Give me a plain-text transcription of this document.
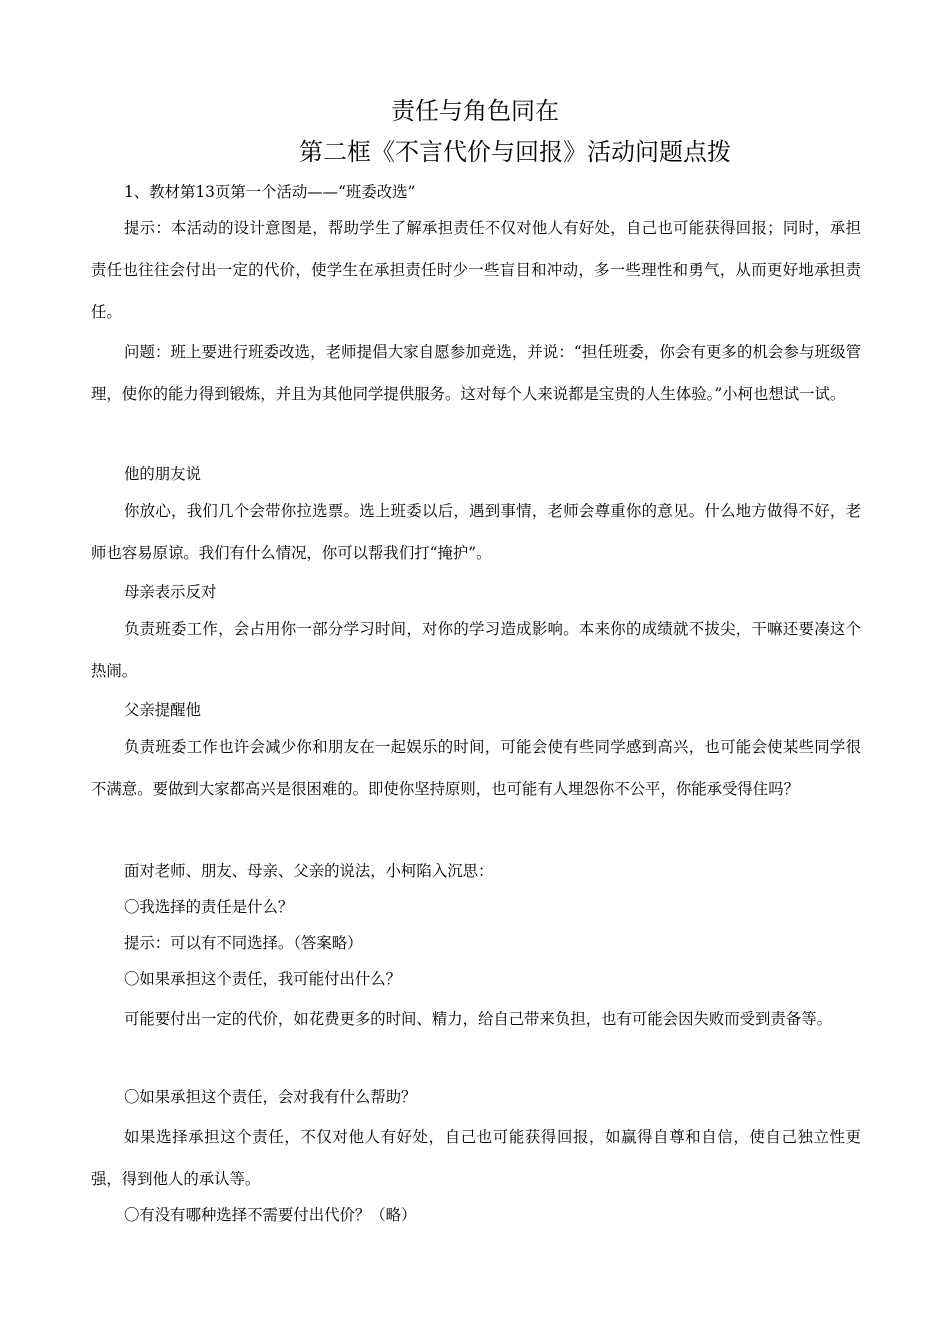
责任与角色同在
第二框《不言代价与回报》活动问题点拨
1、教材第13页第一个活动——“班委改选”
提示：本活动的设计意图是，帮助学生了解承担责任不仅对他人有好处，自己也可能获得回报；同时，承担责任也往往会付出一定的代价，使学生在承担责任时少一些盲目和冲动，多一些理性和勇气，从而更好地承担责任。
问题：班上要进行班委改选，老师提倡大家自愿参加竞选，并说：“担任班委，你会有更多的机会参与班级管理，使你的能力得到锻炼，并且为其他同学提供服务。这对每个人来说都是宝贵的人生体验。”小柯也想试一试。
他的朋友说
你放心，我们几个会带你拉选票。选上班委以后，遇到事情，老师会尊重你的意见。什么地方做得不好，老师也容易原谅。我们有什么情况，你可以帮我们打“掩护”。
母亲表示反对
负责班委工作，会占用你一部分学习时间，对你的学习造成影响。本来你的成绩就不拔尖，干嘛还要凑这个热闹。
父亲提醒他
负责班委工作也许会减少你和朋友在一起娱乐的时间，可能会使有些同学感到高兴，也可能会使某些同学很不满意。要做到大家都高兴是很困难的。即使你坚持原则，也可能有人埋怨你不公平，你能承受得住吗？
面对老师、朋友、母亲、父亲的说法，小柯陷入沉思：
〇我选择的责任是什么？
提示：可以有不同选择。（答案略）
〇如果承担这个责任，我可能付出什么？
可能要付出一定的代价，如花费更多的时间、精力，给自己带来负担，也有可能会因失败而受到责备等。
〇如果承担这个责任，会对我有什么帮助？
如果选择承担这个责任，不仅对他人有好处，自己也可能获得回报，如赢得自尊和自信，使自己独立性更强，得到他人的承认等。
〇有没有哪种选择不需要付出代价？（略）
